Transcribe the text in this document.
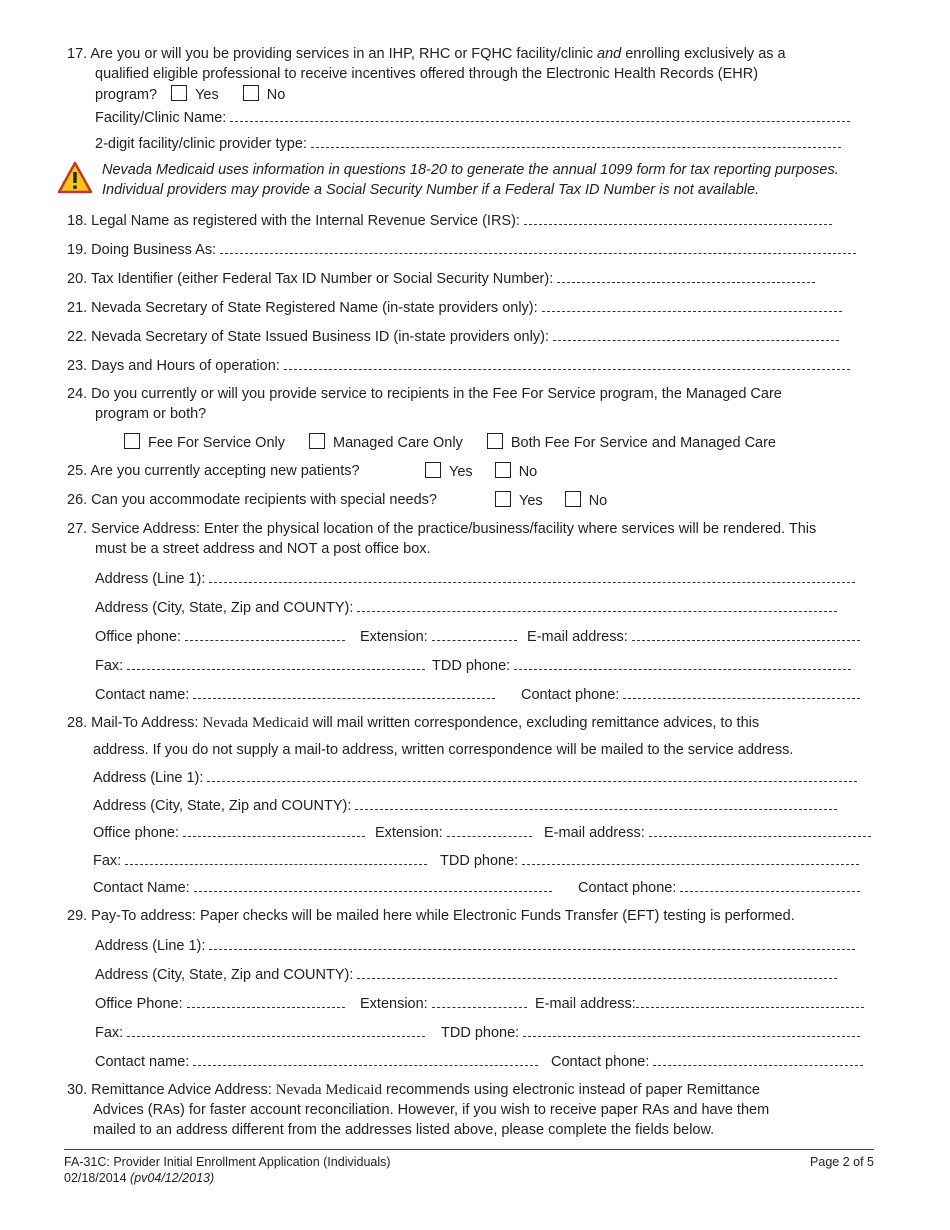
17. Are you or will you be providing services in an IHP, RHC or FQHC facility/clinic and enrolling exclusively as a
qualified eligible professional to receive incentives offered through the Electronic Health Records (EHR)
program?	Yes	No
Facility/Clinic Name:
2-digit facility/clinic provider type:
Nevada Medicaid uses information in questions 18-20 to generate the annual 1099 form for tax reporting purposes.
Individual providers may provide a Social Security Number if a Federal Tax ID Number is not available.
18. Legal Name as registered with the Internal Revenue Service (IRS):
19. Doing Business As:
20. Tax Identifier (either Federal Tax ID Number or Social Security Number):
21. Nevada Secretary of State Registered Name (in-state providers only):
22. Nevada Secretary of State Issued Business ID (in-state providers only):
23. Days and Hours of operation:
24. Do you currently or will you provide service to recipients in the Fee For Service program, the Managed Care
program or both?
Fee For Service Only	Managed Care Only	Both Fee For Service and Managed Care
25. Are you currently accepting new patients?	Yes	No
26. Can you accommodate recipients with special needs?	Yes	No
27. Service Address: Enter the physical location of the practice/business/facility where services will be rendered. This
must be a street address and NOT a post office box.
Address (Line 1):
Address (City, State, Zip and COUNTY):
Office phone:	Extension:	E-mail address:
Fax:	TDD phone:
Contact name:	Contact phone:
28. Mail-To Address: Nevada Medicaid will mail written correspondence, excluding remittance advices, to this
address. If you do not supply a mail-to address, written correspondence will be mailed to the service address.
Address (Line 1):
Address (City, State, Zip and COUNTY):
Office phone:	Extension:	E-mail address:
Fax:	TDD phone:
Contact Name:	Contact phone:
29. Pay-To address: Paper checks will be mailed here while Electronic Funds Transfer (EFT) testing is performed.
Address (Line 1):
Address (City, State, Zip and COUNTY):
Office Phone:	Extension:	E-mail address:
Fax:	TDD phone:
Contact name:	Contact phone:
30. Remittance Advice Address: Nevada Medicaid recommends using electronic instead of paper Remittance
Advices (RAs) for faster account reconciliation. However, if you wish to receive paper RAs and have them
mailed to an address different from the addresses listed above, please complete the fields below.
FA-31C: Provider Initial Enrollment Application (Individuals)	Page 2 of 5
02/18/2014
(pv04/12/2013)
